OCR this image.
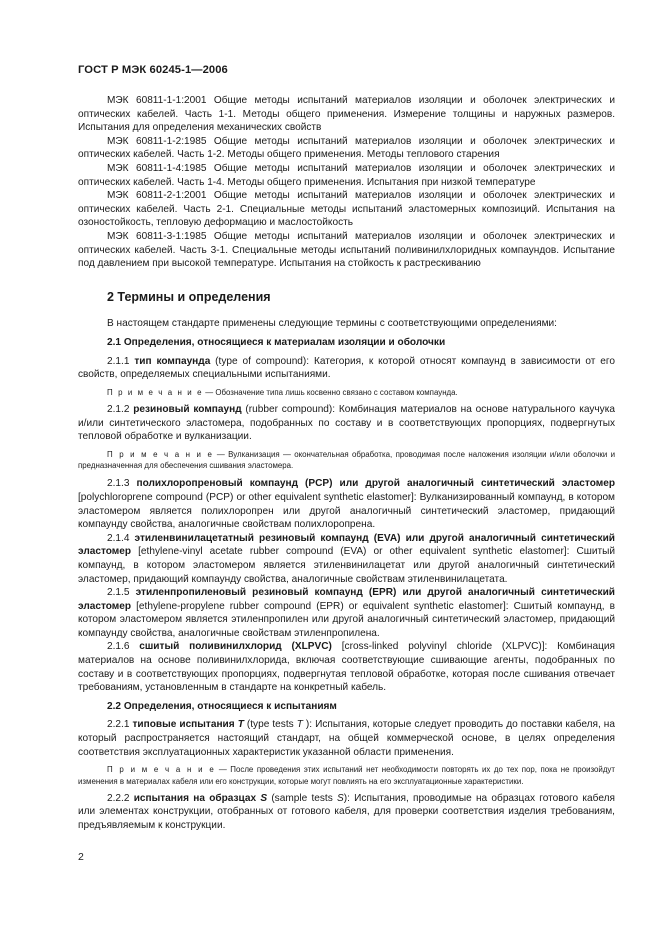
ГОСТ Р МЭК 60245-1—2006

МЭК 60811-1-1:2001 Общие методы испытаний материалов изоляции и оболочек электрических и оптических кабелей. Часть 1-1. Методы общего применения. Измерение толщины и наружных размеров. Испытания для определения механических свойств

МЭК 60811-1-2:1985 Общие методы испытаний материалов изоляции и оболочек электрических и оптических кабелей. Часть 1-2. Методы общего применения. Методы теплового старения

МЭК 60811-1-4:1985 Общие методы испытаний материалов изоляции и оболочек электрических и оптических кабелей. Часть 1-4. Методы общего применения. Испытания при низкой температуре

МЭК 60811-2-1:2001 Общие методы испытаний материалов изоляции и оболочек электрических и оптических кабелей. Часть 2-1. Специальные методы испытаний эластомерных композиций. Испытания на озоностойкость, тепловую деформацию и маслостойкость

МЭК 60811-3-1:1985 Общие методы испытаний материалов изоляции и оболочек электрических и оптических кабелей. Часть 3-1. Специальные методы испытаний поливинилхлоридных компаундов. Испытание под давлением при высокой температуре. Испытания на стойкость к растрескиванию

2 Термины и определения

В настоящем стандарте применены следующие термины с соответствующими определениями:

2.1 Определения, относящиеся к материалам изоляции и оболочки

2.1.1 тип компаунда (type of compound): Категория, к которой относят компаунд в зависимости от его свойств, определяемых специальными испытаниями.

П р и м е ч а н и е — Обозначение типа лишь косвенно связано с составом компаунда.

2.1.2 резиновый компаунд (rubber compound): Комбинация материалов на основе натурального каучука и/или синтетического эластомера, подобранных по составу и в соответствующих пропорциях, подвергнутых тепловой обработке и вулканизации.

П р и м е ч а н и е — Вулканизация — окончательная обработка, проводимая после наложения изоляции и/или оболочки и предназначенная для обеспечения сшивания эластомера.

2.1.3 полихлоропреновый компаунд (PCP) или другой аналогичный синтетический эластомер [polychloroprene compound (PCP) or other equivalent synthetic elastomer]: Вулканизированный компаунд, в котором эластомером является полихлоропрен или другой аналогичный синтетический эластомер, придающий компаунду свойства, аналогичные свойствам полихлоропрена.

2.1.4 этиленвинилацетатный резиновый компаунд (EVA) или другой аналогичный синтетический эластомер [ethylene-vinyl acetate rubber compound (EVA) or other equivalent synthetic elastomer]: Сшитый компаунд, в котором эластомером является этиленвинилацетат или другой аналогичный синтетический эластомер, придающий компаунду свойства, аналогичные свойствам этиленвинилацетата.

2.1.5 этиленпропиленовый резиновый компаунд (EPR) или другой аналогичный синтетический эластомер [ethylene-propylene rubber compound (EPR) or equivalent synthetic elastomer]: Сшитый компаунд, в котором эластомером является этиленпропилен или другой аналогичный синтетический эластомер, придающий компаунду свойства, аналогичные свойствам этиленпропилена.

2.1.6 сшитый поливинилхлорид (XLPVC) [cross-linked polyvinyl chloride (XLPVC)]: Комбинация материалов на основе поливинилхлорида, включая соответствующие сшивающие агенты, подобранных по составу и в соответствующих пропорциях, подвергнутая тепловой обработке, которая после сшивания отвечает требованиям, установленным в стандарте на конкретный кабель.

2.2 Определения, относящиеся к испытаниям

2.2.1 типовые испытания T (type tests T ): Испытания, которые следует проводить до поставки кабеля, на который распространяется настоящий стандарт, на общей коммерческой основе, в целях определения соответствия эксплуатационных характеристик указанной области применения.

П р и м е ч а н и е — После проведения этих испытаний нет необходимости повторять их до тех пор, пока не произойдут изменения в материалах кабеля или его конструкции, которые могут повлиять на его эксплуатационные характеристики.

2.2.2 испытания на образцах S (sample tests S): Испытания, проводимые на образцах готового кабеля или элементах конструкции, отобранных от готового кабеля, для проверки соответствия изделия требованиям, предъявляемым к конструкции.

2
